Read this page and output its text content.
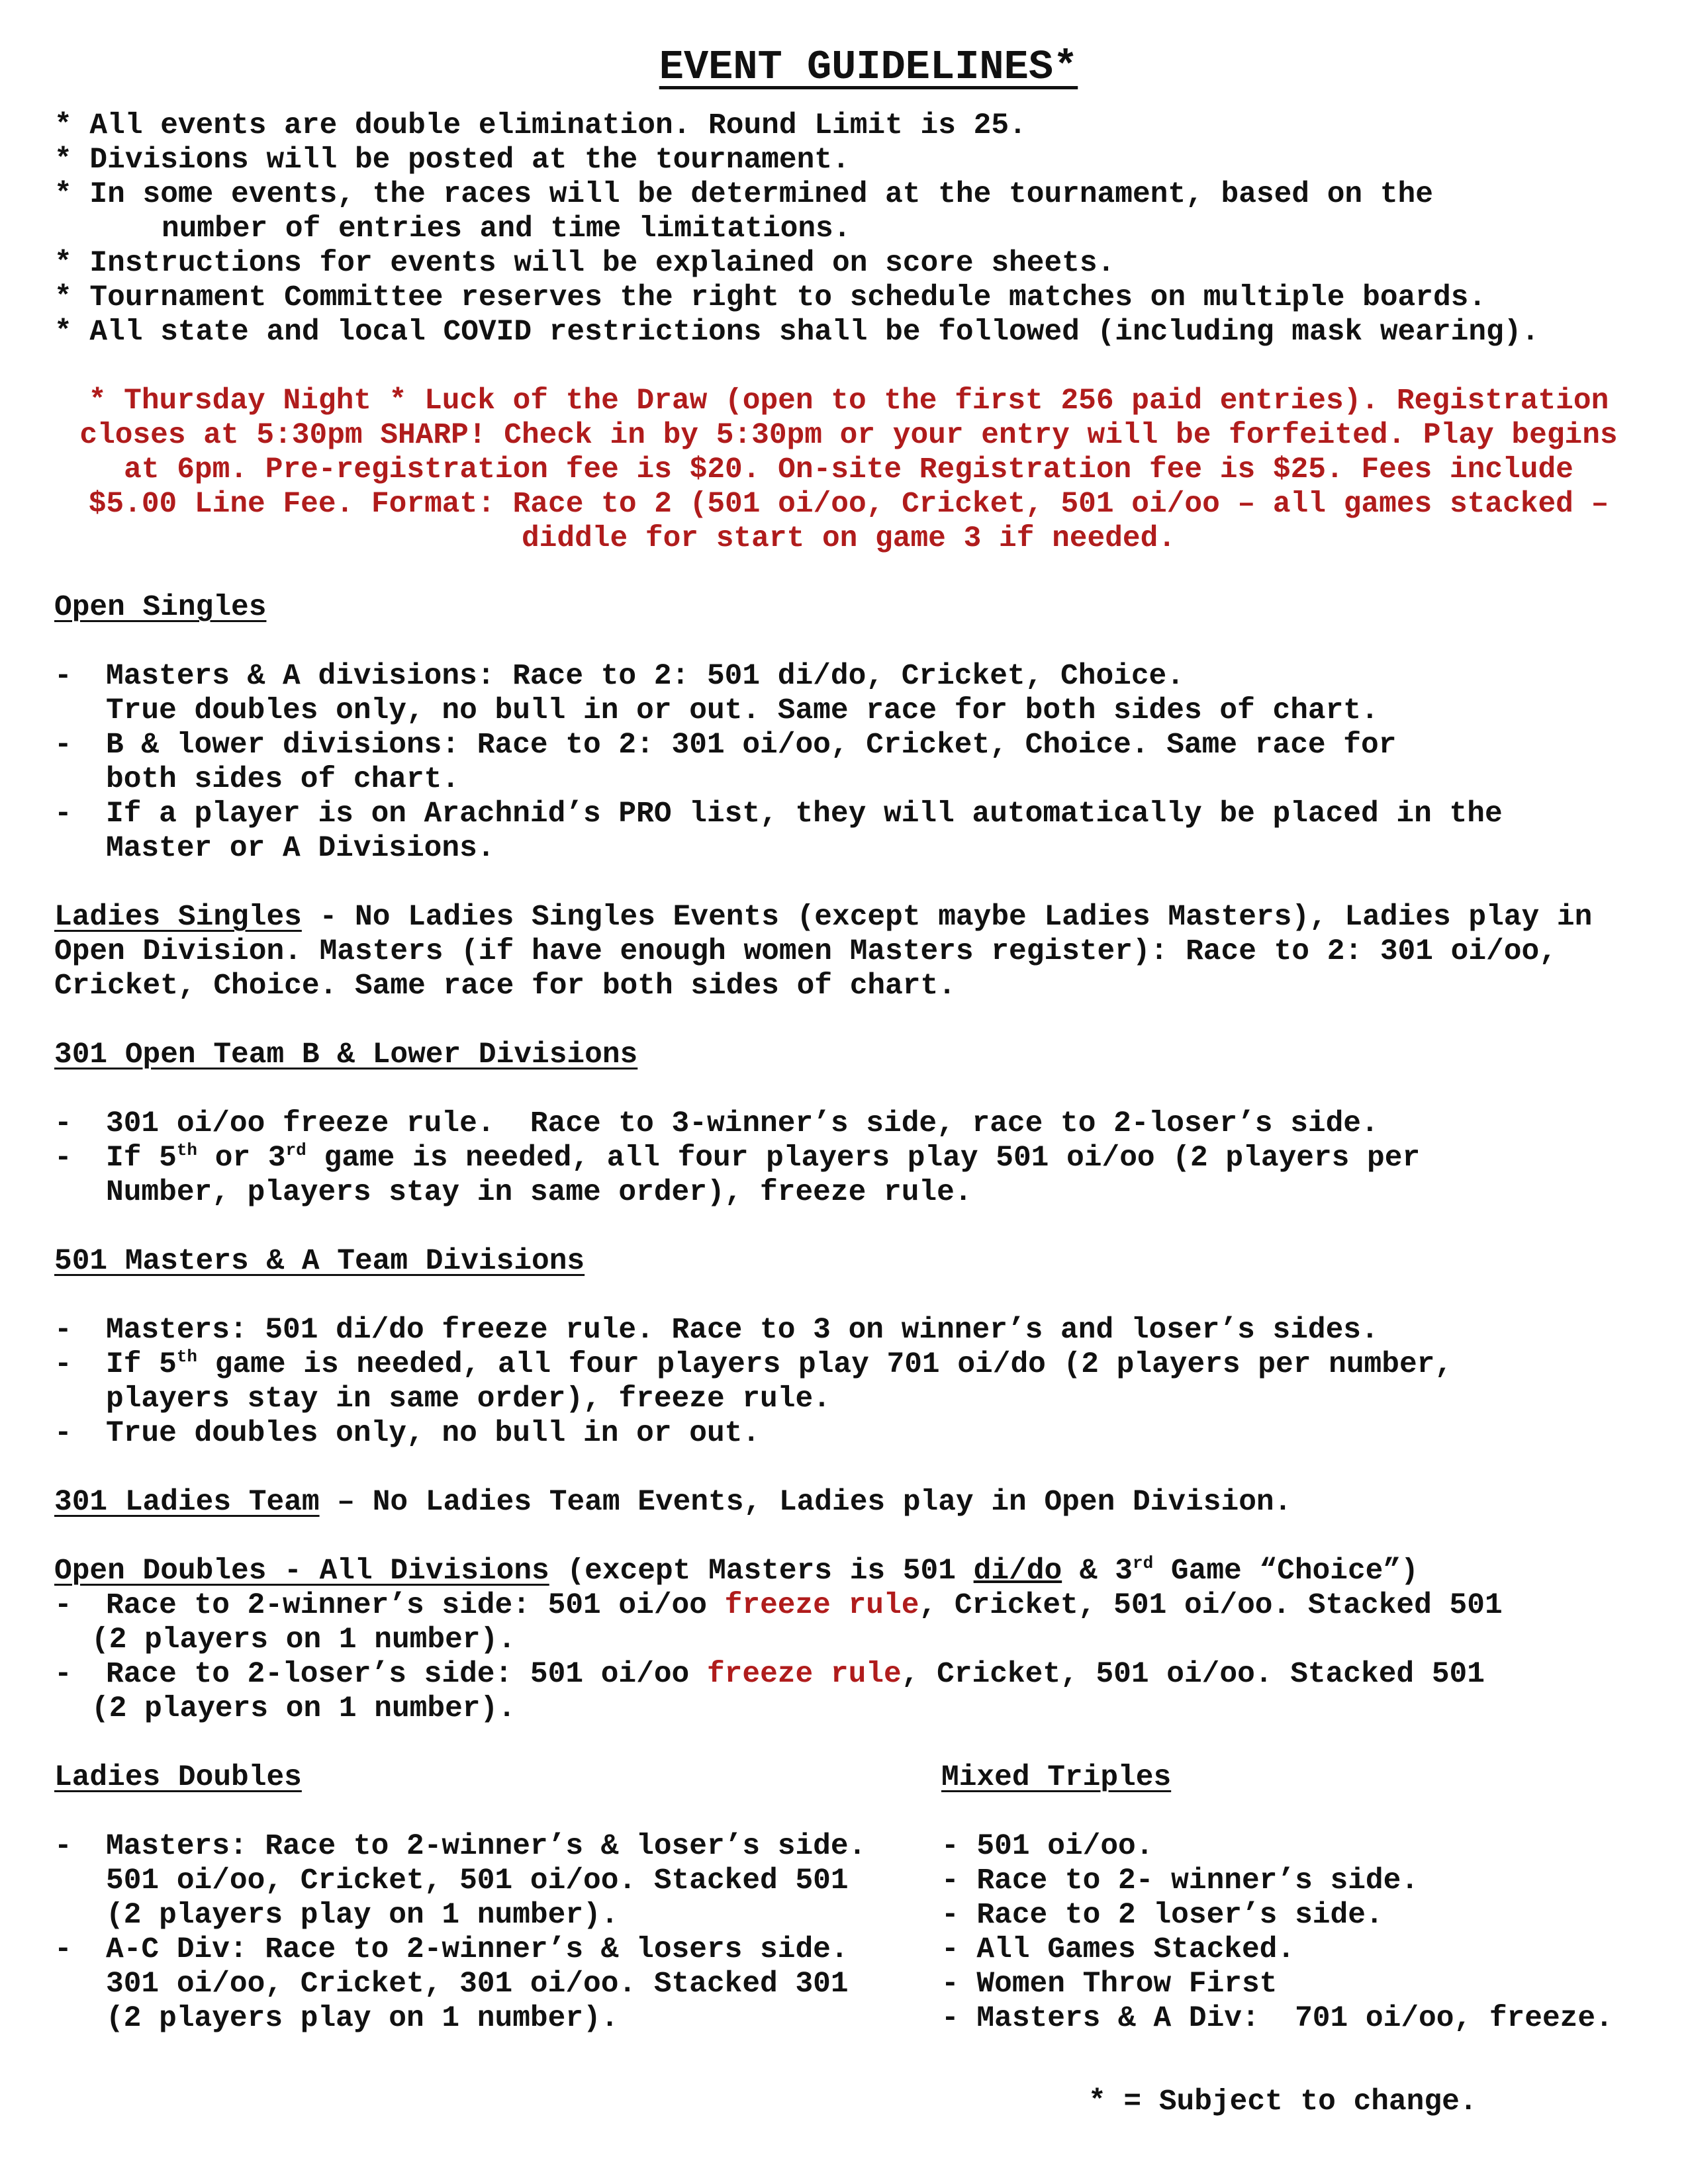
EVENT GUIDELINES*
* All events are double elimination. Round Limit is 25.
* Divisions will be posted at the tournament.
* In some events, the races will be determined at the tournament, based on the
number of entries and time limitations.
* Instructions for events will be explained on score sheets.
* Tournament Committee reserves the right to schedule matches on multiple boards.
* All state and local COVID restrictions shall be followed (including mask wearing).
* Thursday Night * Luck of the Draw (open to the first 256 paid entries). Registration
closes at 5:30pm SHARP! Check in by 5:30pm or your entry will be forfeited. Play begins
at 6pm. Pre-registration fee is $20. On-site Registration fee is $25. Fees include
$5.00 Line Fee. Format: Race to 2 (501 oi/oo, Cricket, 501 oi/oo – all games stacked –
diddle for start on game 3 if needed.
Open Singles
- Masters & A divisions: Race to 2: 501 di/do, Cricket, Choice.
True doubles only, no bull in or out. Same race for both sides of chart.
- B & lower divisions: Race to 2: 301 oi/oo, Cricket, Choice. Same race for
both sides of chart.
- If a player is on Arachnid’s PRO list, they will automatically be placed in the
Master or A Divisions.
Ladies Singles - No Ladies Singles Events (except maybe Ladies Masters), Ladies play in
Open Division. Masters (if have enough women Masters register): Race to 2: 301 oi/oo,
Cricket, Choice. Same race for both sides of chart.
301 Open Team B & Lower Divisions
- 301 oi/oo freeze rule.  Race to 3-winner’s side, race to 2-loser’s side.
- If 5th or 3rd game is needed, all four players play 501 oi/oo (2 players per
Number, players stay in same order), freeze rule.
501 Masters & A Team Divisions
- Masters: 501 di/do freeze rule. Race to 3 on winner’s and loser’s sides.
- If 5th game is needed, all four players play 701 oi/do (2 players per number,
players stay in same order), freeze rule.
- True doubles only, no bull in or out.
301 Ladies Team – No Ladies Team Events, Ladies play in Open Division.
Open Doubles - All Divisions (except Masters is 501 di/do & 3rd Game “Choice”)
- Race to 2-winner’s side: 501 oi/oo freeze rule, Cricket, 501 oi/oo. Stacked 501
(2 players on 1 number).
- Race to 2-loser’s side: 501 oi/oo freeze rule, Cricket, 501 oi/oo. Stacked 501
(2 players on 1 number).
Ladies Doubles
- Masters: Race to 2-winner’s & loser’s side.
501 oi/oo, Cricket, 501 oi/oo. Stacked 501
(2 players play on 1 number).
- A-C Div: Race to 2-winner’s & losers side.
301 oi/oo, Cricket, 301 oi/oo. Stacked 301
(2 players play on 1 number).
Mixed Triples
- 501 oi/oo.
- Race to 2- winner’s side.
- Race to 2 loser’s side.
- All Games Stacked.
- Women Throw First
- Masters & A Div:  701 oi/oo, freeze.
* = Subject to change.
